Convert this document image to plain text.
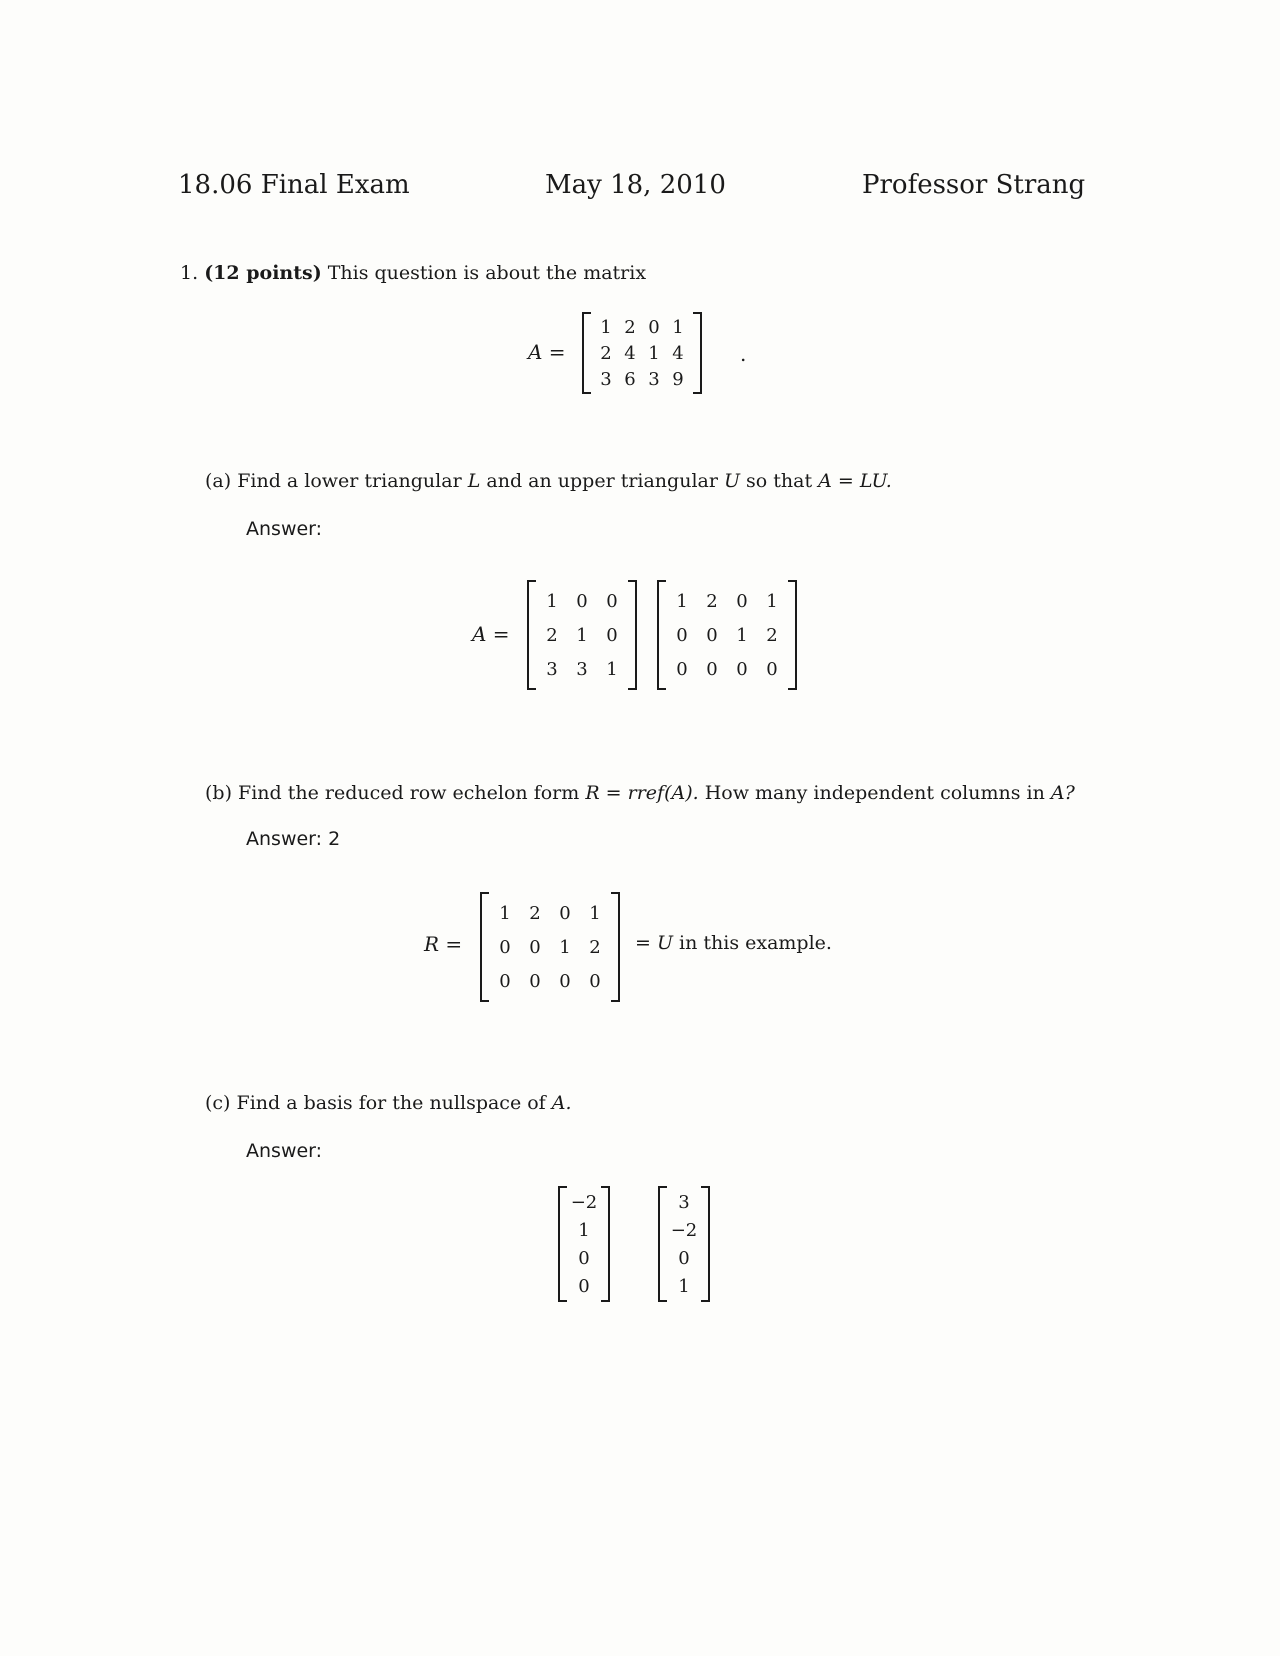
18.06 Final Exam	May 18, 2010	Professor Strang
1. (12 points) This question is about the matrix
A =
1 2 0 1
2 4 1 4
3 6 3 9
.
(a) Find a lower triangular L and an upper triangular U so that A = LU.
Answer:
A =
1	0	0
2	1	0
3	3	1
1	2	0	1
0	0	1	2
0	0	0	0
(b) Find the reduced row echelon form R = rref(A). How many independent columns in A?
Answer: 2
R =
1	2	0	1
0	0	1	2
0	0	0	0
= U in this example.
(c) Find a basis for the nullspace of A.
Answer:
−2
1
0
0
3
−2
0
1
